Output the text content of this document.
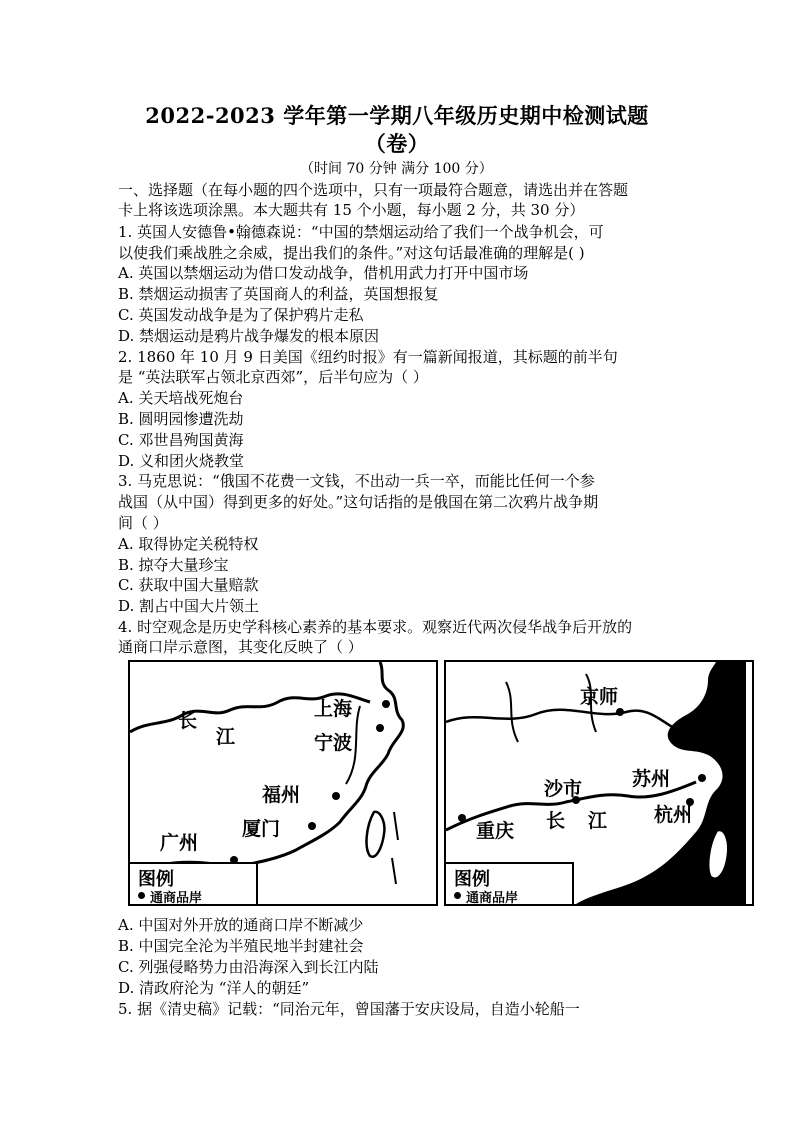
2022-2023 学年第一学期八年级历史期中检测试题
（卷）
（时间 70 分钟 满分 100 分）
一、选择题（在每小题的四个选项中，只有一项最符合题意，请选出并在答题
卡上将该选项涂黑。本大题共有 15 个小题，每小题 2 分，共 30 分）
1. 英国人安德鲁•翰德森说：“中国的禁烟运动给了我们一个战争机会，可
以使我们乘战胜之余威，提出我们的条件。”对这句话最准确的理解是( )
A. 英国以禁烟运动为借口发动战争，借机用武力打开中国市场
B. 禁烟运动损害了英国商人的利益，英国想报复
C. 英国发动战争是为了保护鸦片走私
D. 禁烟运动是鸦片战争爆发的根本原因
2. 1860 年 10 月 9 日美国《纽约时报》有一篇新闻报道，其标题的前半句
是 “英法联军占领北京西郊”，后半句应为（ ）
A. 关天培战死炮台
B. 圆明园惨遭洗劫
C. 邓世昌殉国黄海
D. 义和团火烧教堂
3. 马克思说：“俄国不花费一文钱，不出动一兵一卒，而能比任何一个参
战国（从中国）得到更多的好处。”这句话指的是俄国在第二次鸦片战争期
间（ ）
A. 取得协定关税特权
B. 掠夺大量珍宝
C. 获取中国大量赔款
D. 割占中国大片领土
4. 时空观念是历史学科核心素养的基本要求。观察近代两次侵华战争后开放的
通商口岸示意图，其变化反映了（ ）
长
江
上海
宁波
福州
厦门
广州
图例
通商品岸
京师
苏州
沙市
长 江 杭州
重庆
图例
通商品岸
A. 中国对外开放的通商口岸不断减少
B. 中国完全沦为半殖民地半封建社会
C. 列强侵略势力由沿海深入到长江内陆
D. 清政府沦为 “洋人的朝廷”
5. 据《清史稿》记载：“同治元年，曾国藩于安庆设局，自造小轮船一
